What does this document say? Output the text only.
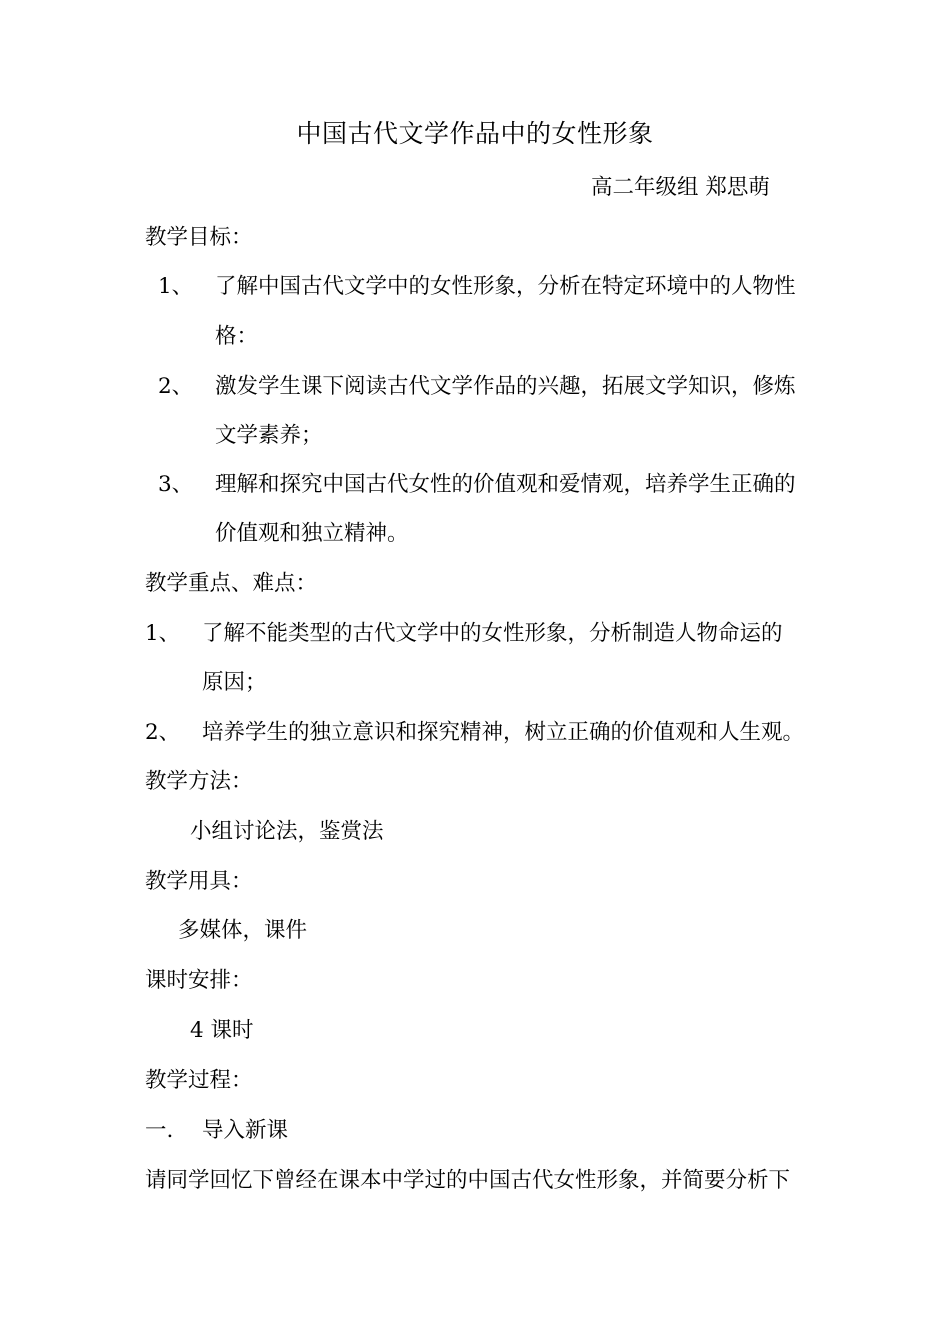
中国古代文学作品中的女性形象
高二年级组 郑思萌
教学目标：
1、 了解中国古代文学中的女性形象，分析在特定环境中的人物性
格：
2、 激发学生课下阅读古代文学作品的兴趣，拓展文学知识，修炼
文学素养；
3、 理解和探究中国古代女性的价值观和爱情观，培养学生正确的
价值观和独立精神。
教学重点、难点：
1、 了解不能类型的古代文学中的女性形象，分析制造人物命运的
原因；
2、 培养学生的独立意识和探究精神，树立正确的价值观和人生观。
教学方法：
小组讨论法，鉴赏法
教学用具：
多媒体，课件
课时安排：
4 课时
教学过程：
一. 导入新课
请同学回忆下曾经在课本中学过的中国古代女性形象，并简要分析下
